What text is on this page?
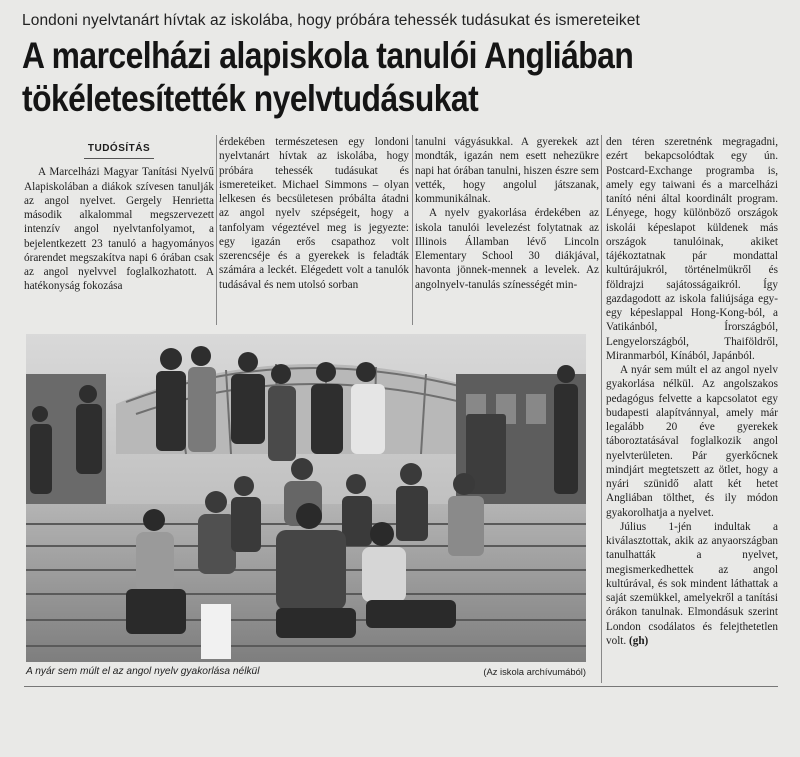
Londoni nyelvtanárt hívtak az iskolába, hogy próbára tehessék tudásukat és ismereteiket
A marcelházi alapiskola tanulói Angliában
tökéletesítették nyelvtudásukat
TUDÓSÍTÁS

A Marcelházi Magyar Tanítási Nyelvű Alapiskolában a diákok szívesen tanulják az angol nyelvet. Gergely Henrietta második alkalommal megszervezett intenzív angol nyelvtanfolyamot, a bejelentkezett 23 tanuló a hagyományos órarendet megszakítva napi 6 órában csak az angol nyelvvel foglalkozhatott. A hatékonyság fokozása

érdekében természetesen egy londoni nyelvtanárt hívtak az iskolába, hogy próbára tehessék tudásukat és ismereteiket. Michael Simmons – olyan lelkesen és becsületesen próbálta átadni az angol nyelv szépségeit, hogy a tanfolyam végeztével meg is jegyezte: egy igazán erős csapathoz volt szerencséje és a gyerekek is feladták számára a leckét. Elégedett volt a tanulók tudásával és nem utolsó sorban

tanulni vágyásukkal. A gyerekek azt mondták, igazán nem esett nehezükre napi hat órában tanulni, hiszen észre sem vették, hogy angolul játszanak, kommunikálnak.

A nyelv gyakorlása érdekében az iskola tanulói levelezést folytatnak az Illinois Államban lévő Lincoln Elementary School 30 diákjával, havonta jönnek-mennek a levelek. Az angolnyelv-tanulás színességét min-

den téren szeretnénk megragadni, ezért bekapcsolódtak egy ún. Postcard-Exchange programba is, amely egy taiwani és a marcelházi tanító néni által koordinált program. Lényege, hogy különböző országok iskolái képeslapot küldenek más országok tanulóinak, akiket tájékoztatnak pár mondattal kultúrájukról, történelmükről és földrajzi sajátosságaikról. Így gazdagodott az iskola faliújsága egy-egy képeslappal Hong-Kong-ból, a Vatikánból, Írországból, Lengyelországból, Thaiföldről, Miranmarból, Kínából, Japánból.

A nyár sem múlt el az angol nyelv gyakorlása nélkül. Az angolszakos pedagógus felvette a kapcsolatot egy budapesti alapítvánnyal, amely már legalább 20 éve gyerekek táboroztatásával foglalkozik angol nyelvterületen. Pár gyerkőcnek mindjárt megtetszett az ötlet, hogy a nyári szünidő alatt két hetet Angliában tölthet, és ily módon gyakorolhatja a nyelvet.

Július 1-jén indultak a kiválasztottak, akik az anyaországban tanulhatták a nyelvet, megismerkedhettek az angol kultúrával, és sok mindent láthattak a saját szemükkel, amelyekről a tanítási órákon tanulnak. Elmondásuk szerint London csodálatos és felejthetetlen volt. (gh)

A nyár sem múlt el az angol nyelv gyakorlása nélkül	(Az iskola archívumából)
